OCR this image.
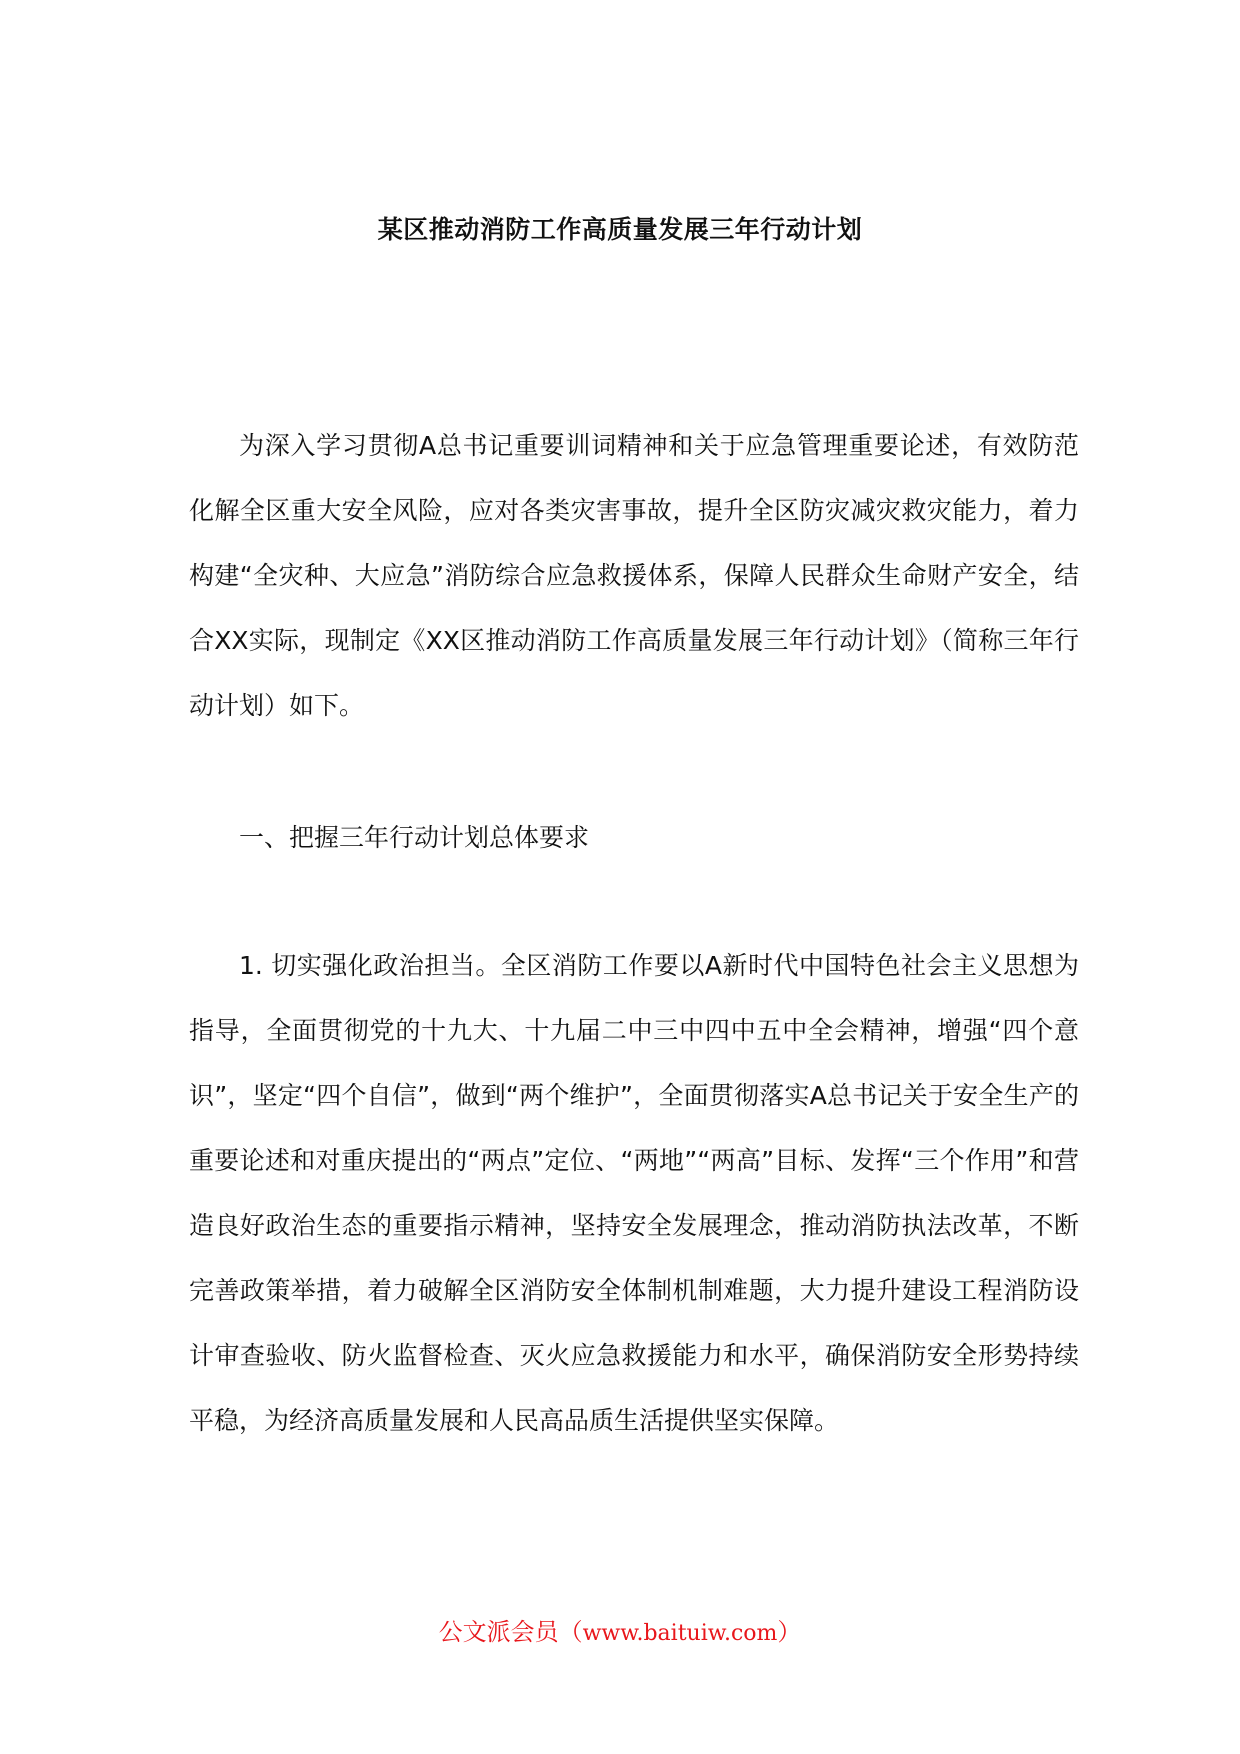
某区推动消防工作高质量发展三年行动计划

为深入学习贯彻A总书记重要训词精神和关于应急管理重要论述，有效防范化解全区重大安全风险，应对各类灾害事故，提升全区防灾减灾救灾能力，着力构建“全灾种、大应急”消防综合应急救援体系，保障人民群众生命财产安全，结合XX实际，现制定《XX区推动消防工作高质量发展三年行动计划》（简称三年行动计划）如下。

一、把握三年行动计划总体要求

1. 切实强化政治担当。全区消防工作要以A新时代中国特色社会主义思想为指导，全面贯彻党的十九大、十九届二中三中四中五中全会精神，增强“四个意识”，坚定“四个自信”，做到“两个维护”，全面贯彻落实A总书记关于安全生产的重要论述和对重庆提出的“两点”定位、“两地”“两高”目标、发挥“三个作用”和营造良好政治生态的重要指示精神，坚持安全发展理念，推动消防执法改革，不断完善政策举措，着力破解全区消防安全体制机制难题，大力提升建设工程消防设计审查验收、防火监督检查、灭火应急救援能力和水平，确保消防安全形势持续平稳，为经济高质量发展和人民高品质生活提供坚实保障。

公文派会员（www.baituiw.com）
